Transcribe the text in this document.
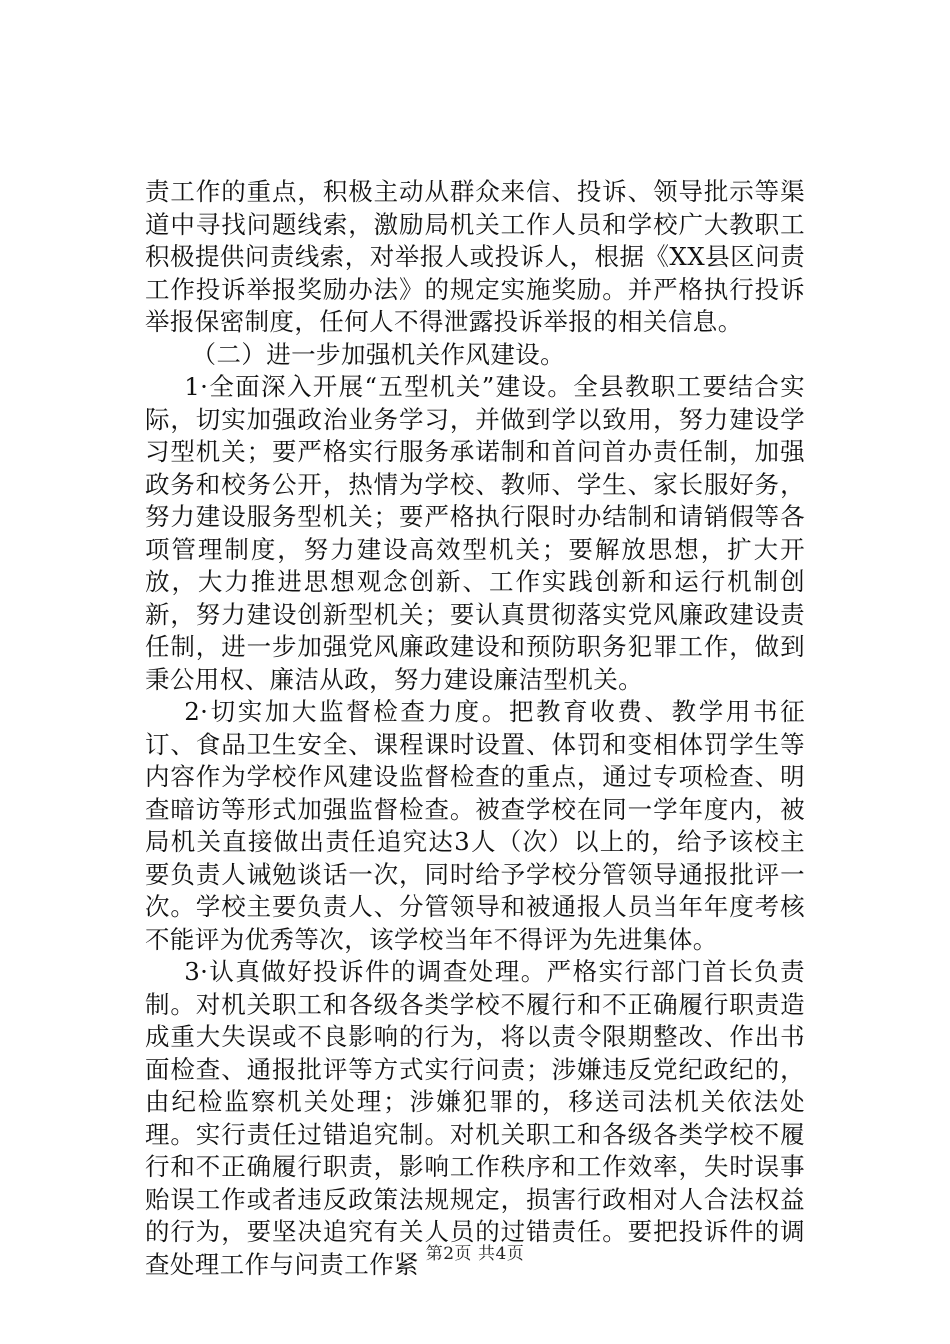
责工作的重点，积极主动从群众来信、投诉、领导批示等渠道中寻找问题线索，激励局机关工作人员和学校广大教职工积极提供问责线索，对举报人或投诉人，根据《XX县区问责工作投诉举报奖励办法》的规定实施奖励。并严格执行投诉举报保密制度，任何人不得泄露投诉举报的相关信息。

（二）进一步加强机关作风建设。

1·全面深入开展“五型机关”建设。全县教职工要结合实际，切实加强政治业务学习，并做到学以致用，努力建设学习型机关；要严格实行服务承诺制和首问首办责任制，加强政务和校务公开，热情为学校、教师、学生、家长服好务，努力建设服务型机关；要严格执行限时办结制和请销假等各项管理制度，努力建设高效型机关；要解放思想，扩大开放，大力推进思想观念创新、工作实践创新和运行机制创新，努力建设创新型机关；要认真贯彻落实党风廉政建设责任制，进一步加强党风廉政建设和预防职务犯罪工作，做到秉公用权、廉洁从政，努力建设廉洁型机关。

2·切实加大监督检查力度。把教育收费、教学用书征订、食品卫生安全、课程课时设置、体罚和变相体罚学生等内容作为学校作风建设监督检查的重点，通过专项检查、明查暗访等形式加强监督检查。被查学校在同一学年度内，被局机关直接做出责任追究达3人（次）以上的，给予该校主要负责人诫勉谈话一次，同时给予学校分管领导通报批评一次。学校主要负责人、分管领导和被通报人员当年年度考核不能评为优秀等次，该学校当年不得评为先进集体。

3·认真做好投诉件的调查处理。严格实行部门首长负责制。对机关职工和各级各类学校不履行和不正确履行职责造成重大失误或不良影响的行为，将以责令限期整改、作出书面检查、通报批评等方式实行问责；涉嫌违反党纪政纪的，由纪检监察机关处理；涉嫌犯罪的，移送司法机关依法处理。实行责任过错追究制。对机关职工和各级各类学校不履行和不正确履行职责，影响工作秩序和工作效率，失时误事贻误工作或者违反政策法规规定，损害行政相对人合法权益的行为，要坚决追究有关人员的过错责任。要把投诉件的调查处理工作与问责工作紧 第2页 共4页
